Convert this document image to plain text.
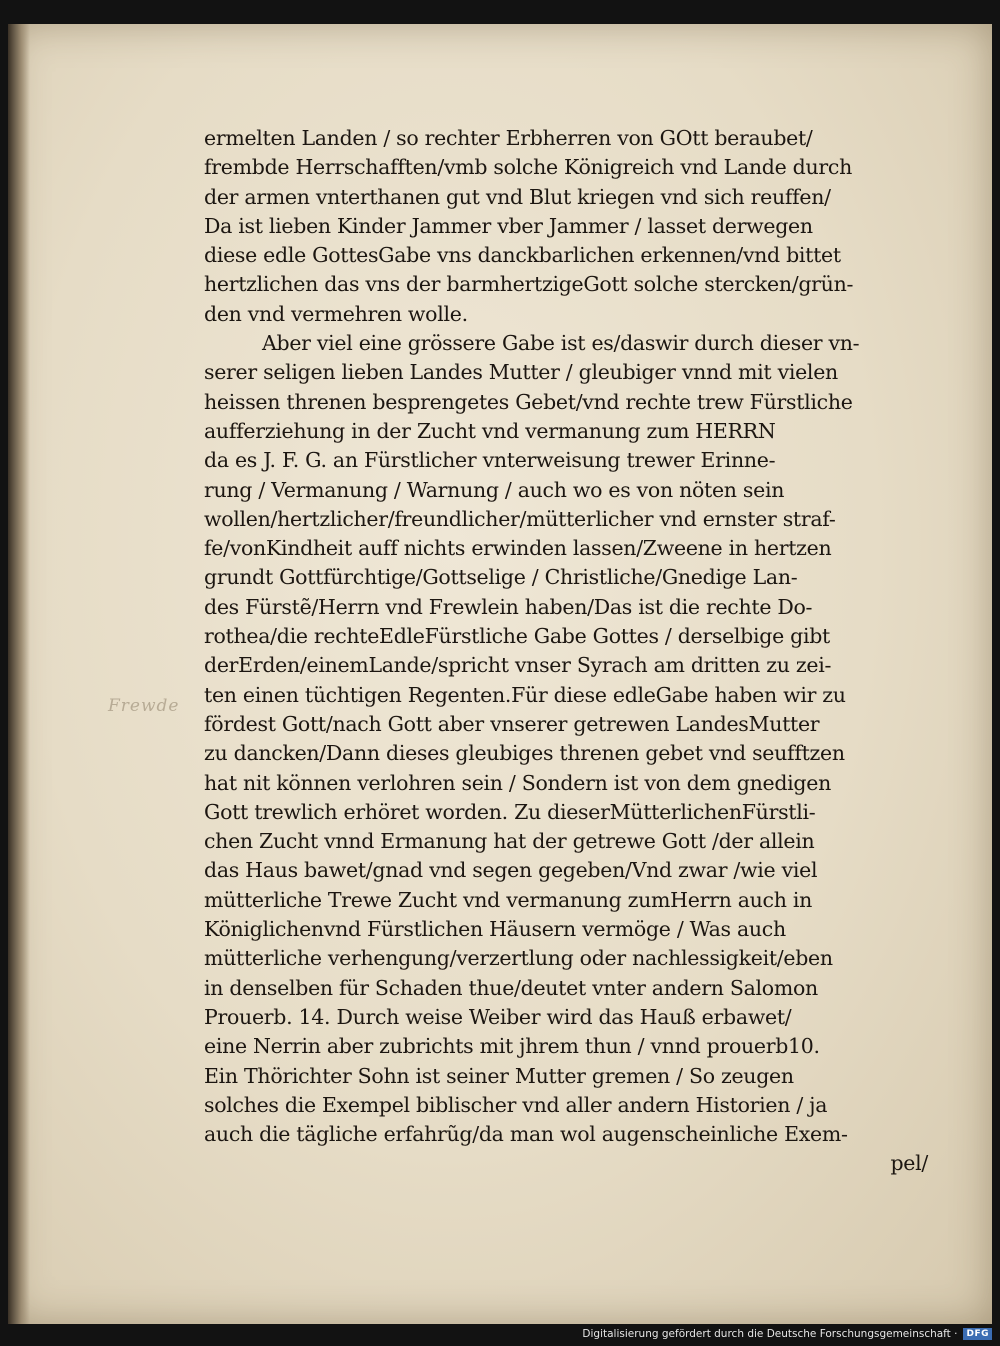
Frewde
ermelten Landen / so rechter Erbherren von GOtt beraubet/
frembde Herrschafften/vmb solche Königreich vnd Lande durch
der armen vnterthanen gut vnd Blut kriegen vnd sich reuffen/
Da ist lieben Kinder Jammer vber Jammer / lasset derwegen
diese edle GottesGabe vns danckbarlichen erkennen/vnd bittet
hertzlichen das vns der barmhertzigeGott solche stercken/grün-
den vnd vermehren wolle.
Aber viel eine grössere Gabe ist es/daswir durch dieser vn-
serer seligen lieben Landes Mutter / gleubiger vnnd mit vielen
heissen threnen besprengetes Gebet/vnd rechte trew Fürstliche
aufferziehung in der Zucht vnd vermanung zum HERRN
da es J. F. G. an Fürstlicher vnterweisung trewer Erinne-
rung / Vermanung / Warnung / auch wo es von nöten sein
wollen/hertzlicher/freundlicher/mütterlicher vnd ernster straf-
fe/vonKindheit auff nichts erwinden lassen/Zweene in hertzen
grundt Gottfürchtige/Gottselige / Christliche/Gnedige Lan-
des Fürstẽ/Herrn vnd Frewlein haben/Das ist die rechte Do-
rothea/die rechteEdleFürstliche Gabe Gottes / derselbige gibt
derErden/einemLande/spricht vnser Syrach am dritten zu zei-
ten einen tüchtigen Regenten.Für diese edleGabe haben wir zu
fördest Gott/nach Gott aber vnserer getrewen LandesMutter
zu dancken/Dann dieses gleubiges threnen gebet vnd seufftzen
hat nit können verlohren sein / Sondern ist von dem gnedigen
Gott trewlich erhöret worden. Zu dieserMütterlichenFürstli-
chen Zucht vnnd Ermanung hat der getrewe Gott /der allein
das Haus bawet/gnad vnd segen gegeben/Vnd zwar /wie viel
mütterliche Trewe Zucht vnd vermanung zumHerrn auch in
Königlichenvnd Fürstlichen Häusern vermöge / Was auch
mütterliche verhengung/verzertlung oder nachlessigkeit/eben
in denselben für Schaden thue/deutet vnter andern Salomon
Prouerb. 14. Durch weise Weiber wird das Hauß erbawet/
eine Nerrin aber zubrichts mit jhrem thun / vnnd prouerb10.
Ein Thörichter Sohn ist seiner Mutter gremen / So zeugen
solches die Exempel biblischer vnd aller andern Historien / ja
auch die tägliche erfahrũg/da man wol augenscheinliche Exem-
pel/
Digitalisierung gefördert durch die Deutsche Forschungsgemeinschaft ·	DFG
